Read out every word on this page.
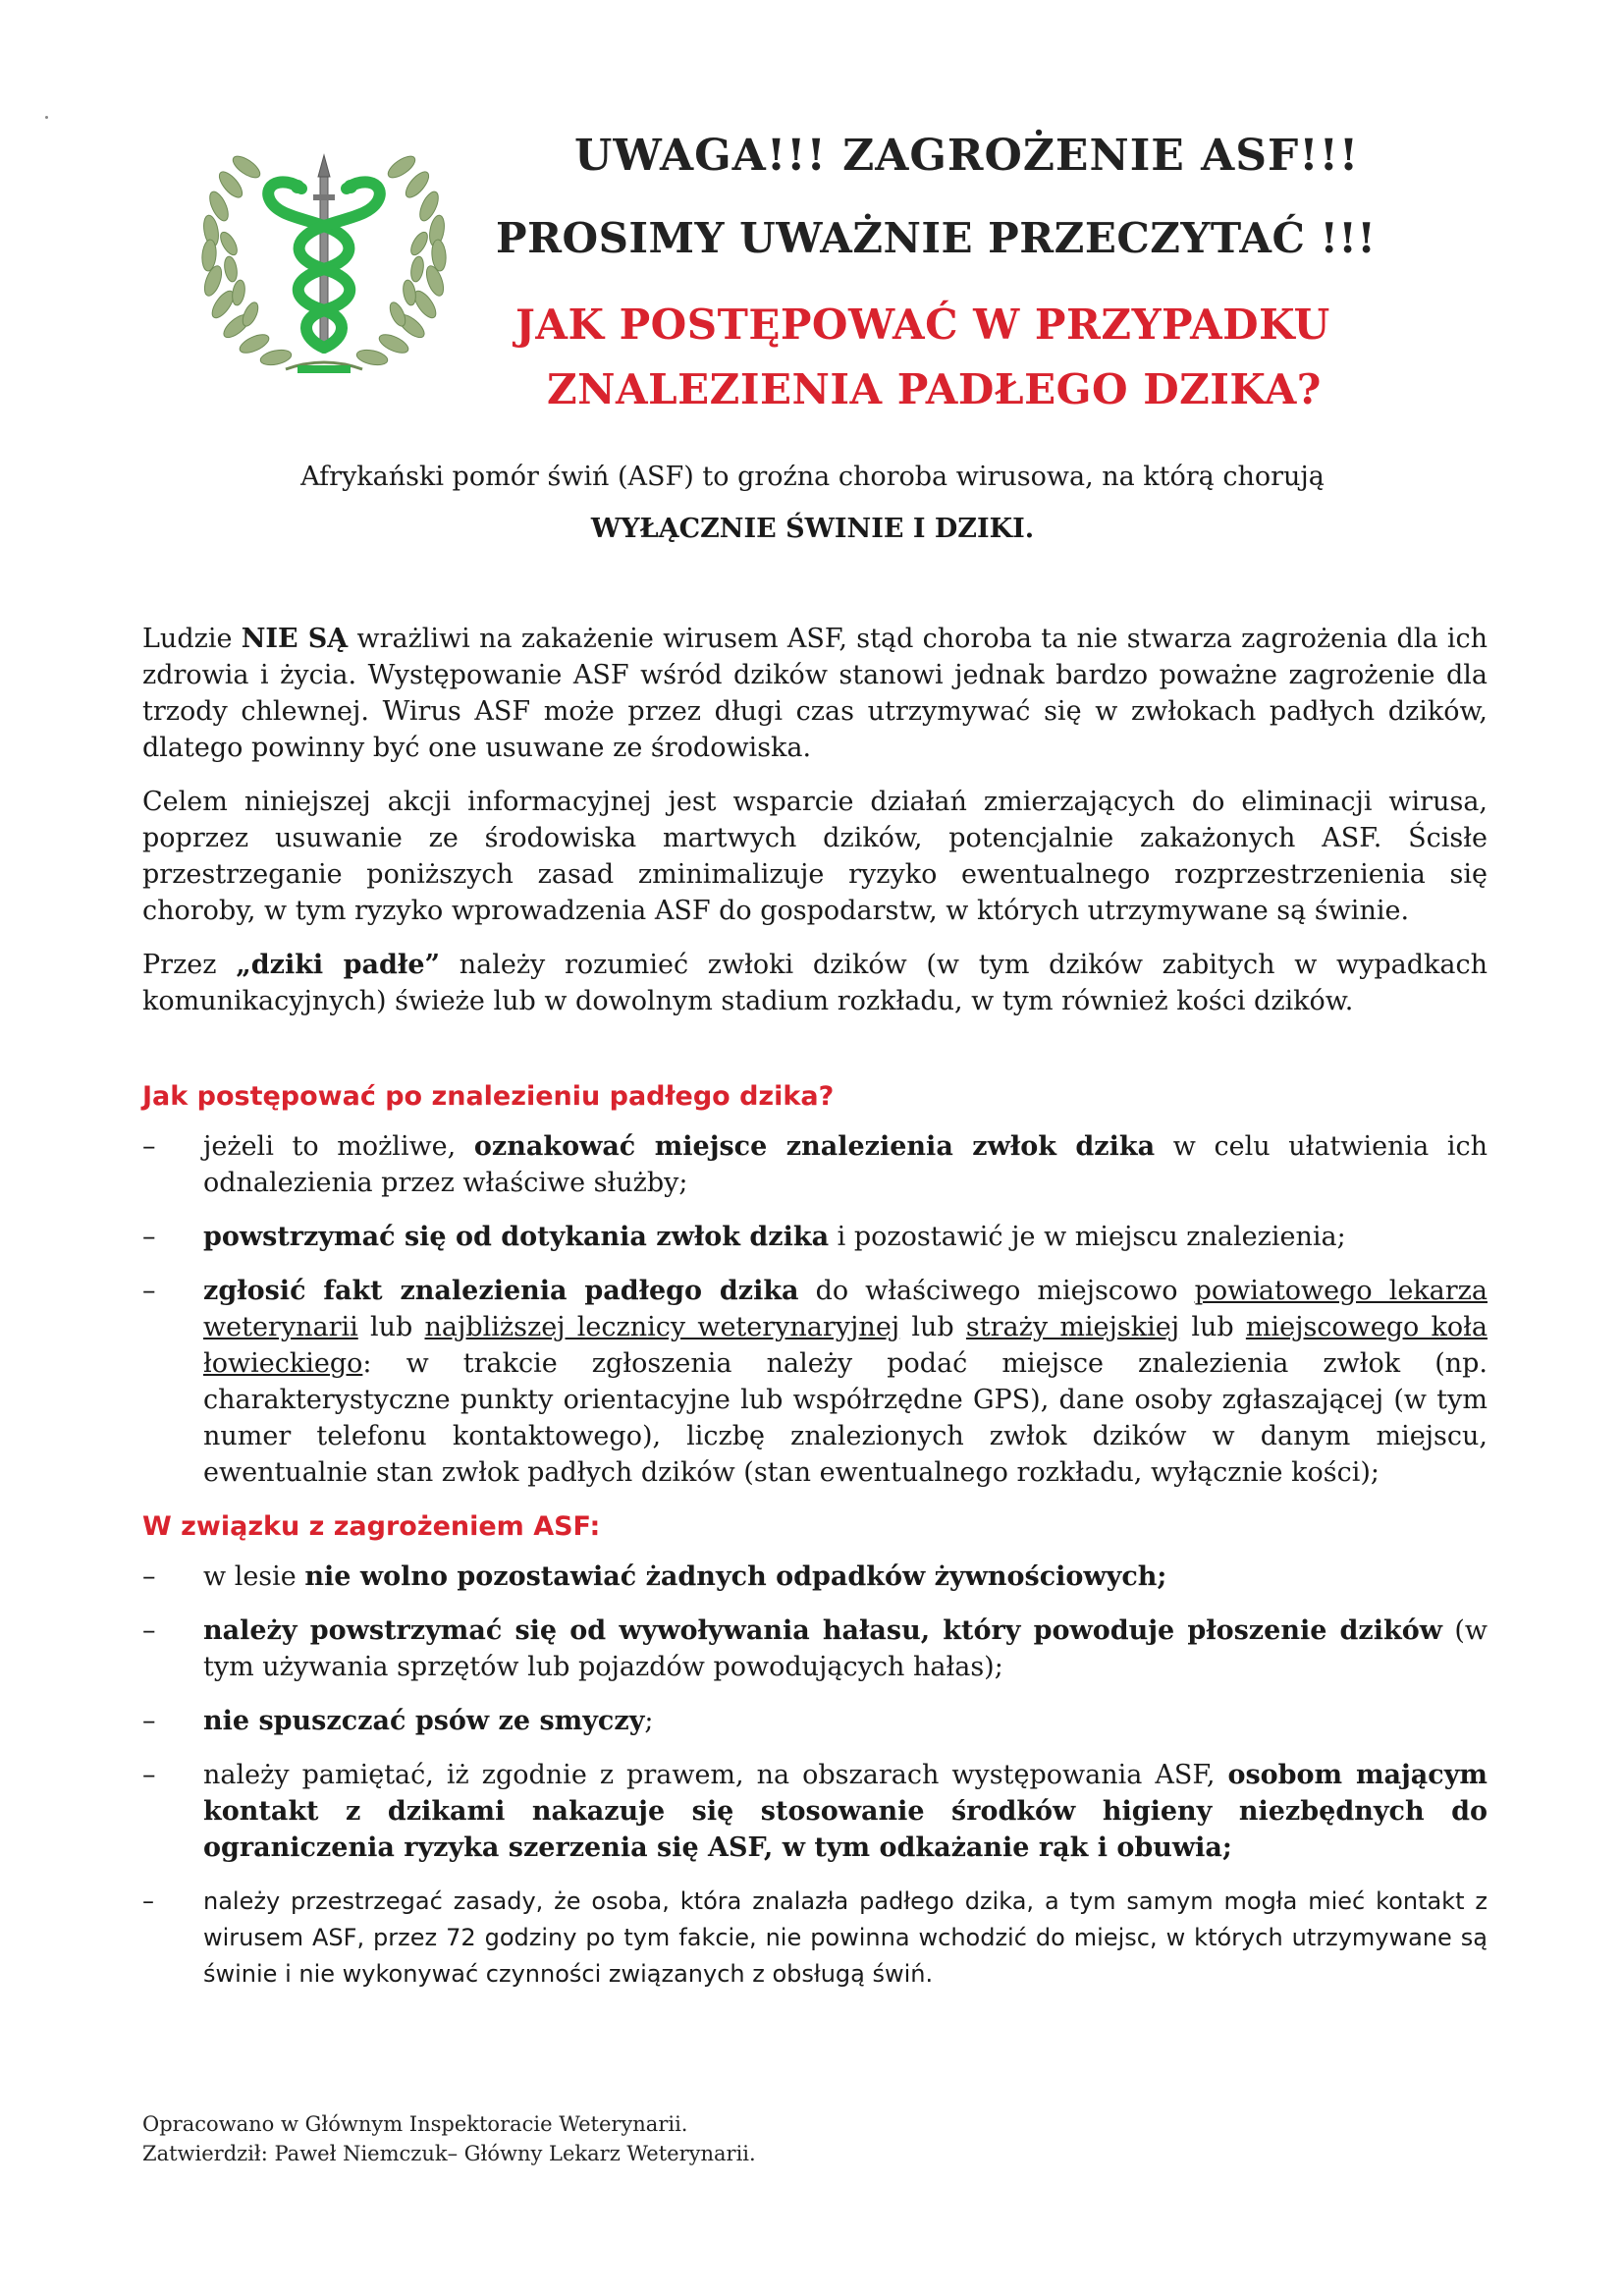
UWAGA!!! ZAGROŻENIE ASF!!!
PROSIMY UWAŻNIE PRZECZYTAĆ !!!
JAK POSTĘPOWAĆ W PRZYPADKU
ZNALEZIENIA PADŁEGO DZIKA?

Afrykański pomór świń (ASF) to groźna choroba wirusowa, na którą chorują

WYŁĄCZNIE ŚWINIE I DZIKI.

Ludzie NIE SĄ wrażliwi na zakażenie wirusem ASF, stąd choroba ta nie stwarza zagrożenia dla ich zdrowia i życia. Występowanie ASF wśród dzików stanowi jednak bardzo poważne zagrożenie dla trzody chlewnej. Wirus ASF może przez długi czas utrzymywać się w zwłokach padłych dzików, dlatego powinny być one usuwane ze środowiska.

Celem niniejszej akcji informacyjnej jest wsparcie działań zmierzających do eliminacji wirusa, poprzez usuwanie ze środowiska martwych dzików, potencjalnie zakażonych ASF. Ścisłe przestrzeganie poniższych zasad zminimalizuje ryzyko ewentualnego rozprzestrzenienia się choroby, w tym ryzyko wprowadzenia ASF do gospodarstw, w których utrzymywane są świnie.

Przez „dziki padłe” należy rozumieć zwłoki dzików (w tym dzików zabitych w wypadkach komunikacyjnych) świeże lub w dowolnym stadium rozkładu, w tym również kości dzików.

Jak postępować po znalezieniu padłego dzika?
– jeżeli to możliwe, oznakować miejsce znalezienia zwłok dzika w celu ułatwienia ich odnalezienia przez właściwe służby;
– powstrzymać się od dotykania zwłok dzika i pozostawić je w miejscu znalezienia;
– zgłosić fakt znalezienia padłego dzika do właściwego miejscowo powiatowego lekarza weterynarii lub najbliższej lecznicy weterynaryjnej lub straży miejskiej lub miejscowego koła łowieckiego: w trakcie zgłoszenia należy podać miejsce znalezienia zwłok (np. charakterystyczne punkty orientacyjne lub współrzędne GPS), dane osoby zgłaszającej (w tym numer telefonu kontaktowego), liczbę znalezionych zwłok dzików w danym miejscu, ewentualnie stan zwłok padłych dzików (stan ewentualnego rozkładu, wyłącznie kości);
W związku z zagrożeniem ASF:
– w lesie nie wolno pozostawiać żadnych odpadków żywnościowych;
– należy powstrzymać się od wywoływania hałasu, który powoduje płoszenie dzików (w tym używania sprzętów lub pojazdów powodujących hałas);
– nie spuszczać psów ze smyczy;
– należy pamiętać, iż zgodnie z prawem, na obszarach występowania ASF, osobom mającym kontakt z dzikami nakazuje się stosowanie środków higieny niezbędnych do ograniczenia ryzyka szerzenia się ASF, w tym odkażanie rąk i obuwia;
– należy przestrzegać zasady, że osoba, która znalazła padłego dzika, a tym samym mogła mieć kontakt z wirusem ASF, przez 72 godziny po tym fakcie, nie powinna wchodzić do miejsc, w których utrzymywane są świnie i nie wykonywać czynności związanych z obsługą świń.
Opracowano w Głównym Inspektoracie Weterynarii.
Zatwierdził: Paweł Niemczuk– Główny Lekarz Weterynarii.
